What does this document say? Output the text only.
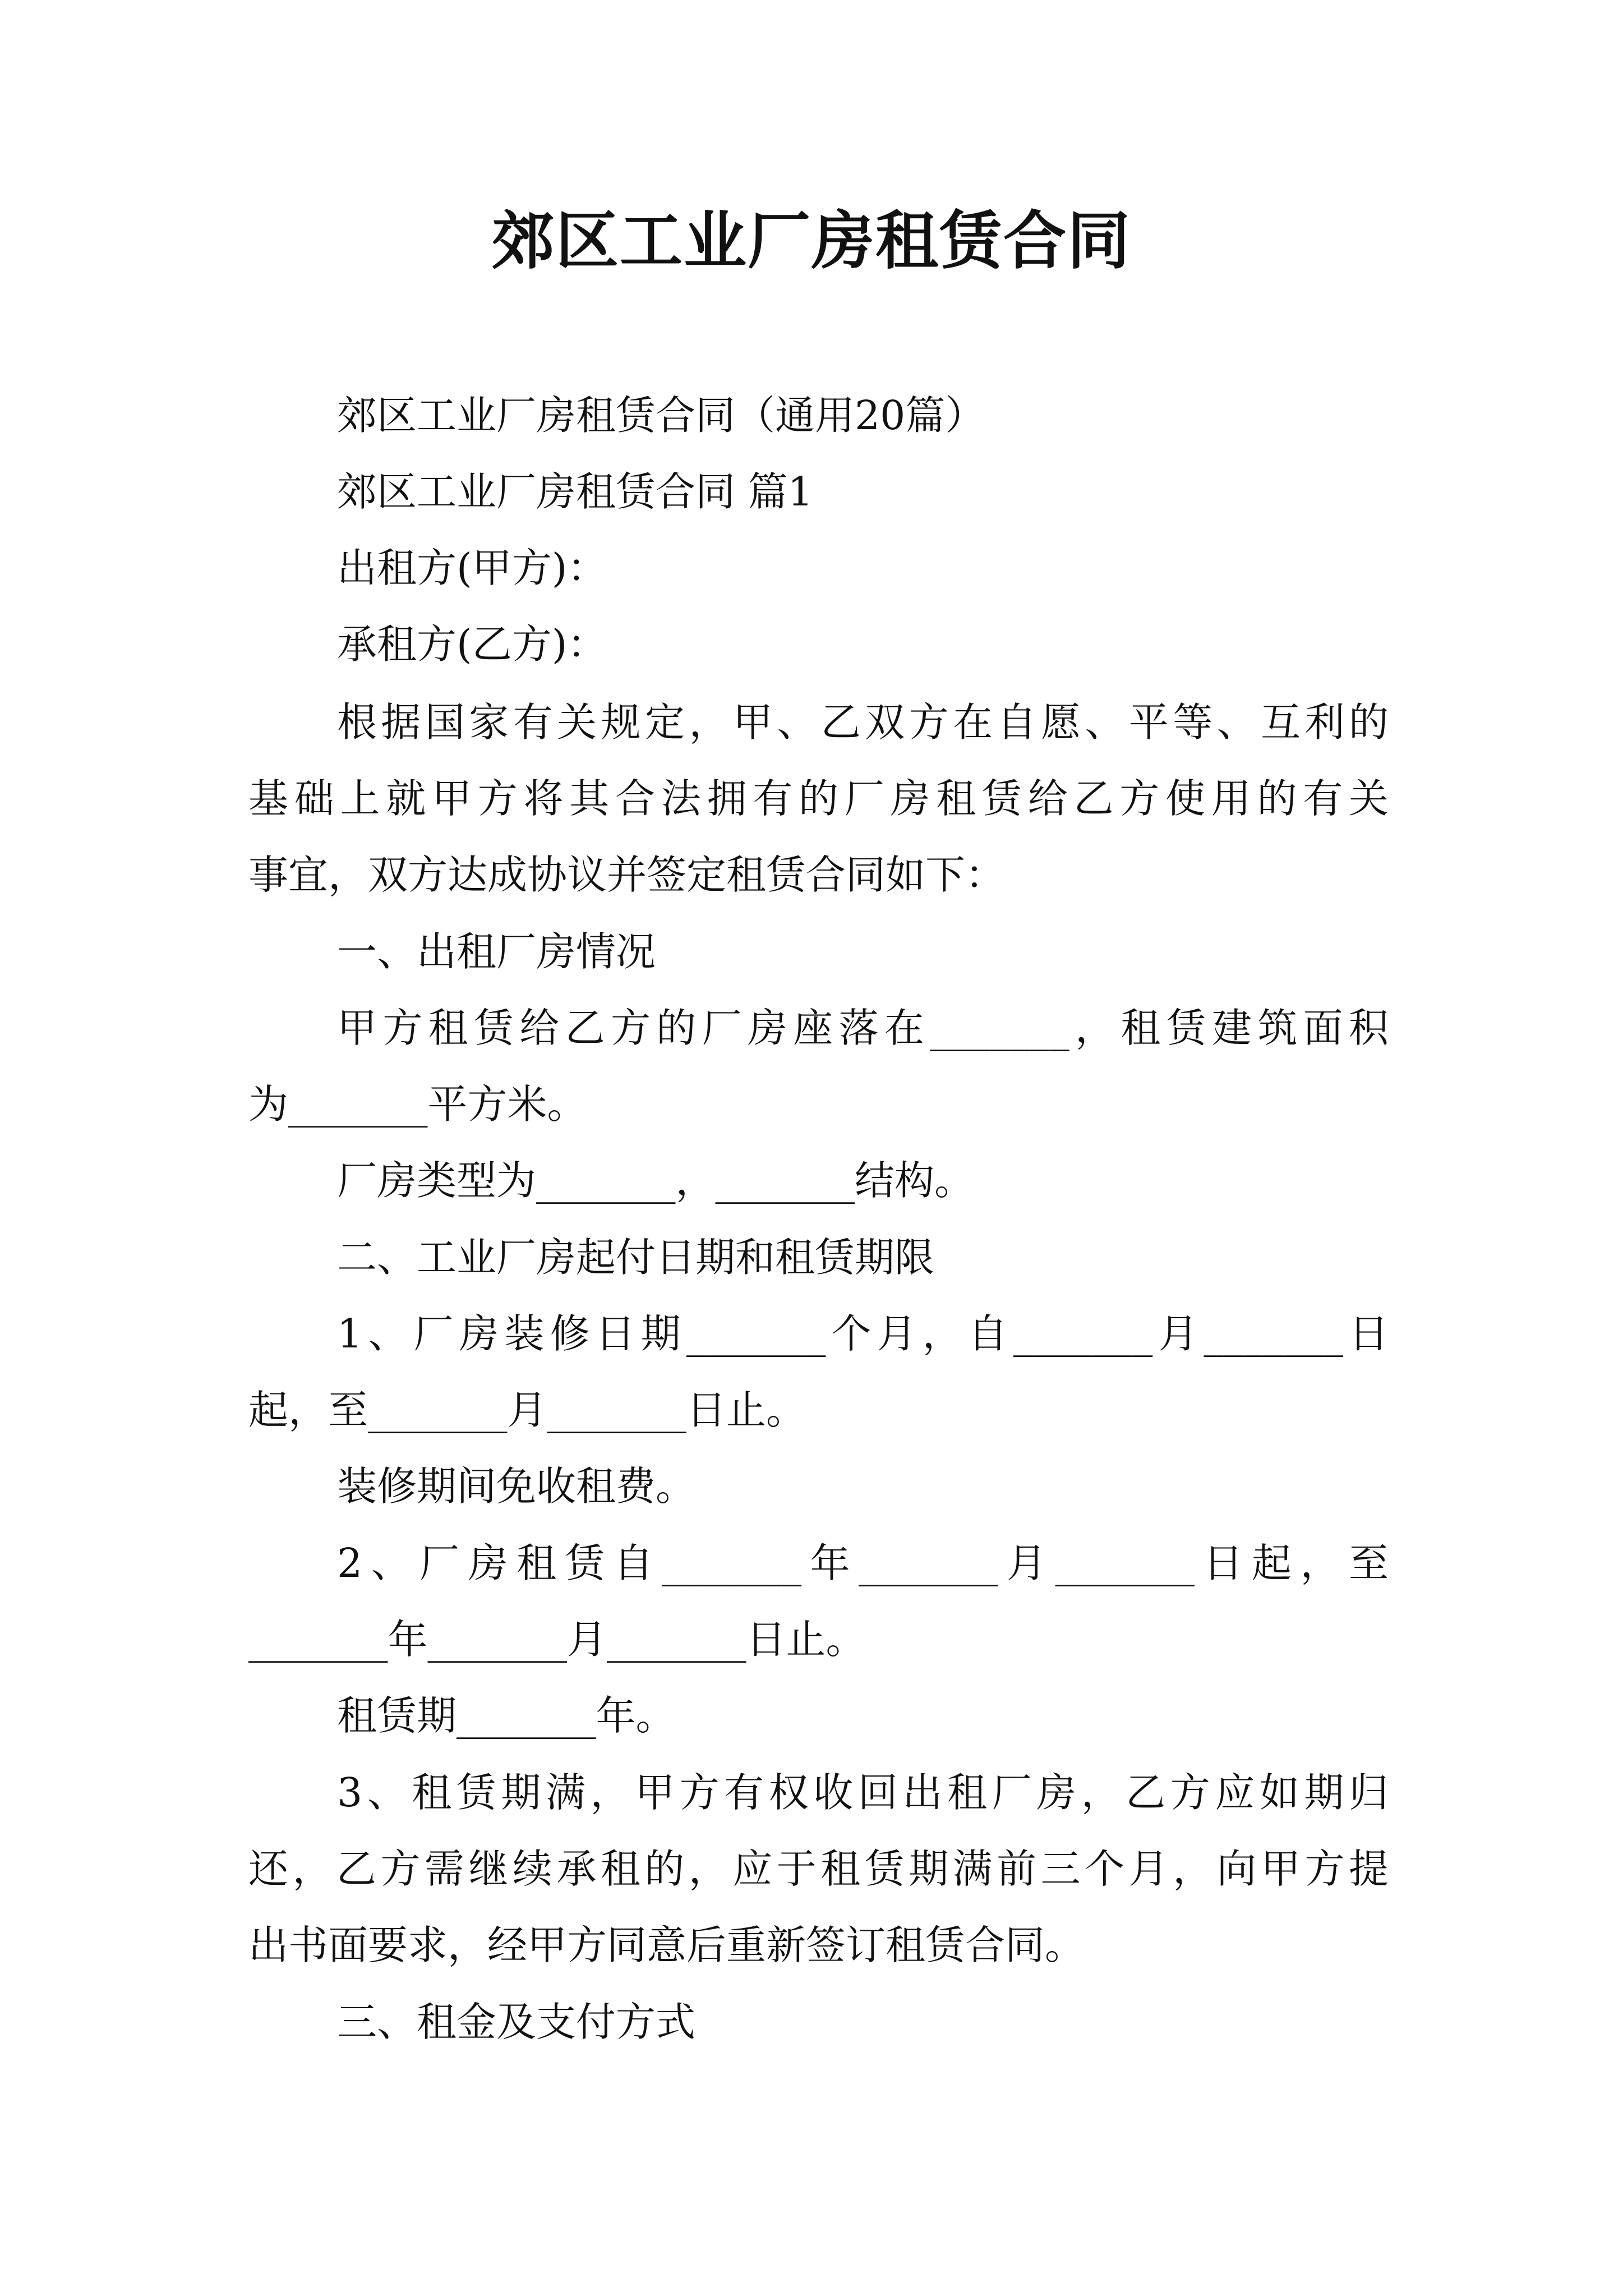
郊区工业厂房租赁合同
郊区工业厂房租赁合同（通用20篇）
郊区工业厂房租赁合同 篇1
出租方(甲方)：
承租方(乙方)：
根据国家有关规定，甲、乙双方在自愿、平等、互利的
基础上就甲方将其合法拥有的厂房租赁给乙方使用的有关
事宜，双方达成协议并签定租赁合同如下：
一、出租厂房情况
甲方租赁给乙方的厂房座落在_______，租赁建筑面积
为_______平方米。
厂房类型为_______，_______结构。
二、工业厂房起付日期和租赁期限
1、厂房装修日期_______个月，自_______月_______日
起，至_______月_______日止。
装修期间免收租费。
2、厂房租赁自_______年_______月_______日起，至
_______年_______月_______日止。
租赁期_______年。
3、租赁期满，甲方有权收回出租厂房，乙方应如期归
还，乙方需继续承租的，应于租赁期满前三个月，向甲方提
出书面要求，经甲方同意后重新签订租赁合同。
三、租金及支付方式
